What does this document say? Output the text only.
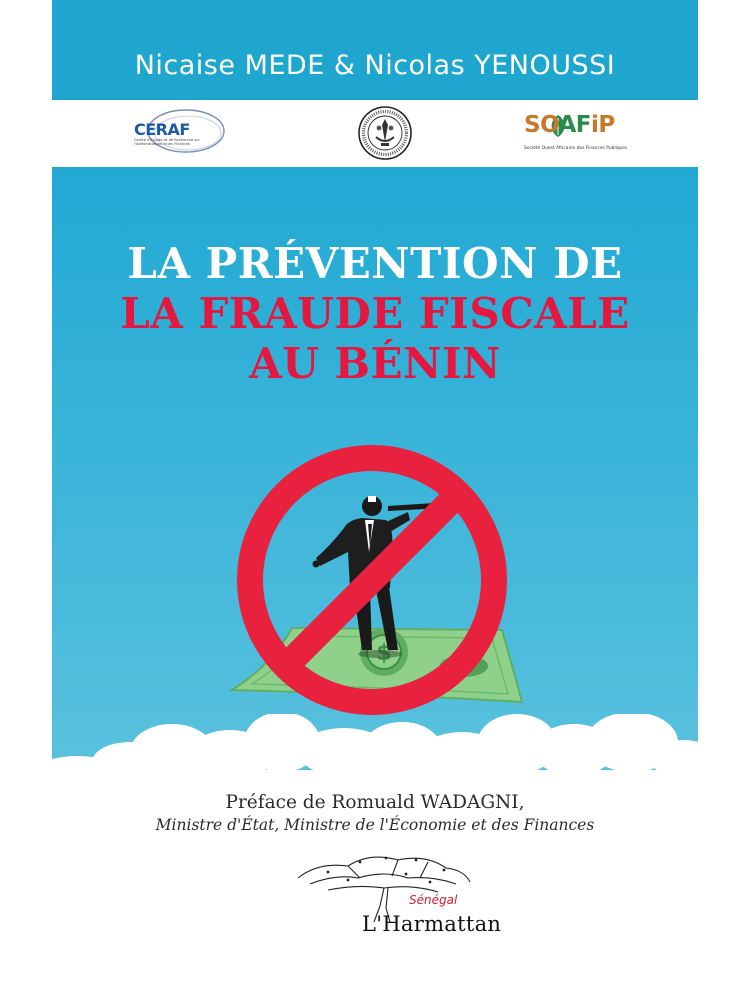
Nicaise MEDE & Nicolas YENOUSSI
CERAF
Centre d'Etudes et de Recherche sur l'Administration et les Finances
SOAFiP
Société Ouest Africaine des Finances Publiques
LA PRÉVENTION DE
LA FRAUDE FISCALE
AU BÉNIN
Préface de Romuald WADAGNI,
Ministre d'État, Ministre de l'Économie et des Finances
Sénégal
L'Harmattan
